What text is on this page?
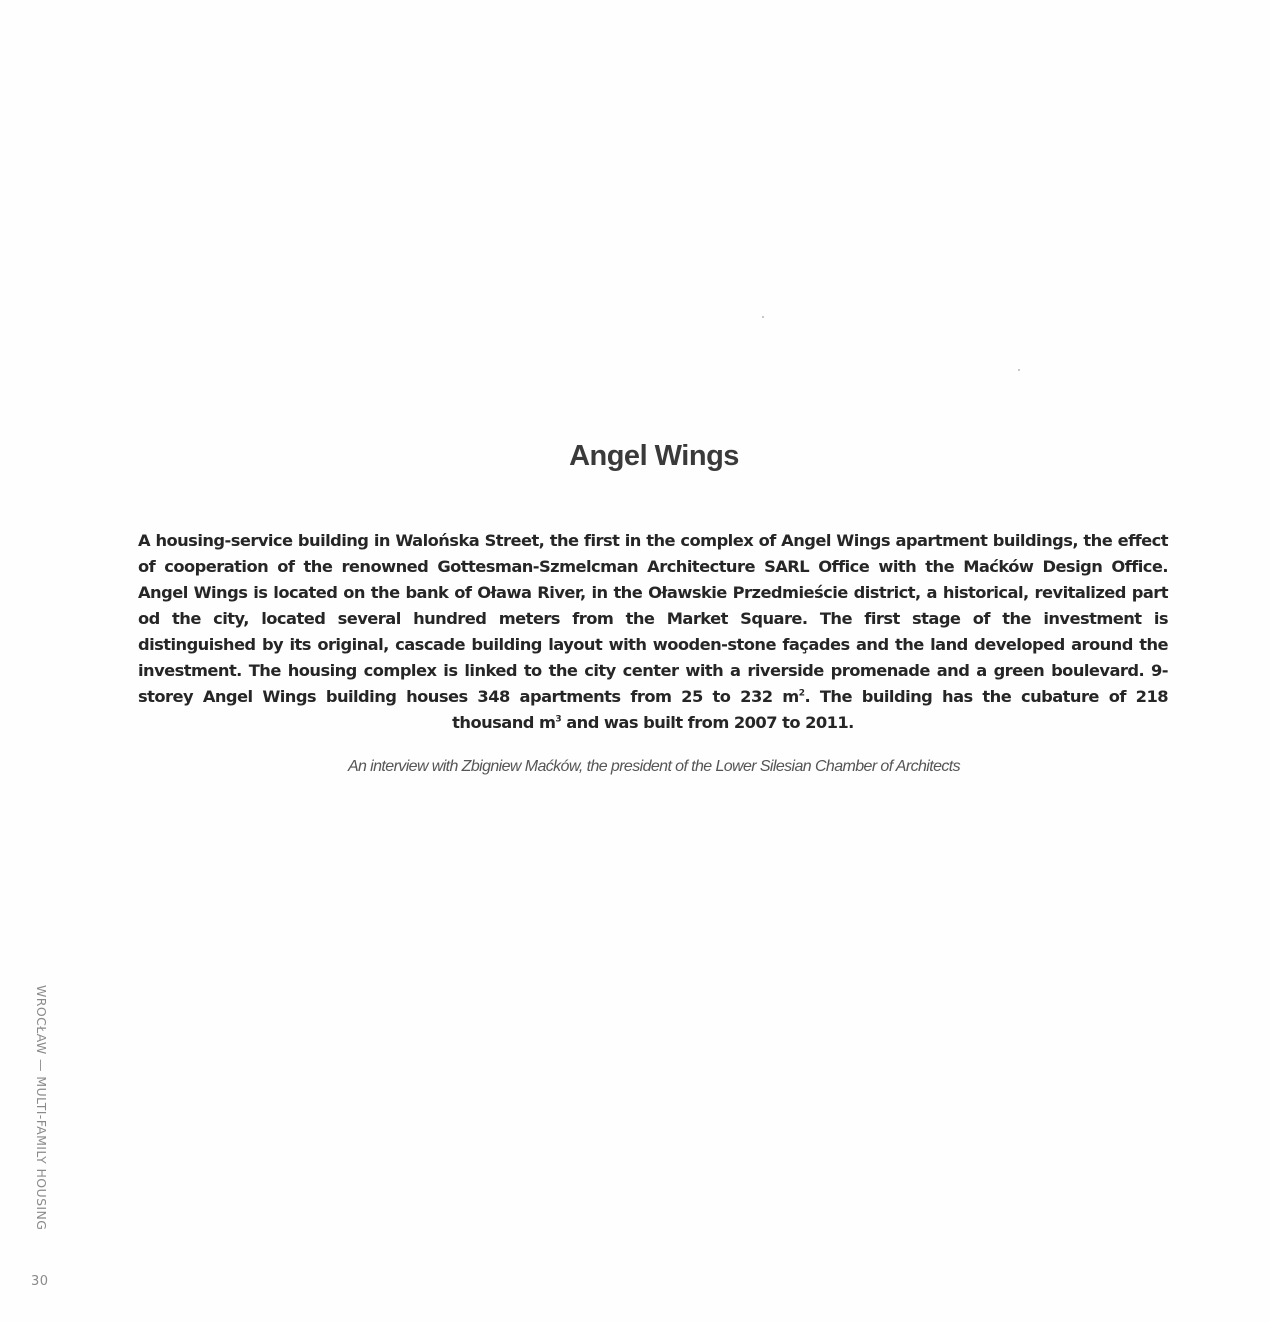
Angel Wings

A housing-service building in Walońska Street, the first in the complex of Angel Wings apartment buildings, the effect of cooperation of the renowned Gottesman-Szmelcman Architecture SARL Office with the Maćków Design Office. Angel Wings is located on the bank of Oława River, in the Oławskie Przedmieście district, a historical, revitalized part od the city, located several hundred meters from the Market Square. The first stage of the investment is distinguished by its original, cascade building layout with wooden-stone façades and the land developed around the investment. The housing complex is linked to the city center with a riverside promenade and a green boulevard. 9-storey Angel Wings building houses 348 apartments from 25 to 232 $m^2$. The building has the cubature of 218 thousand $m^3$ and was built from 2007 to 2011.

An interview with Zbigniew Maćków, the president of the Lower Silesian Chamber of Architects

WROCŁAW — MULTI-FAMILY HOUSING
30
